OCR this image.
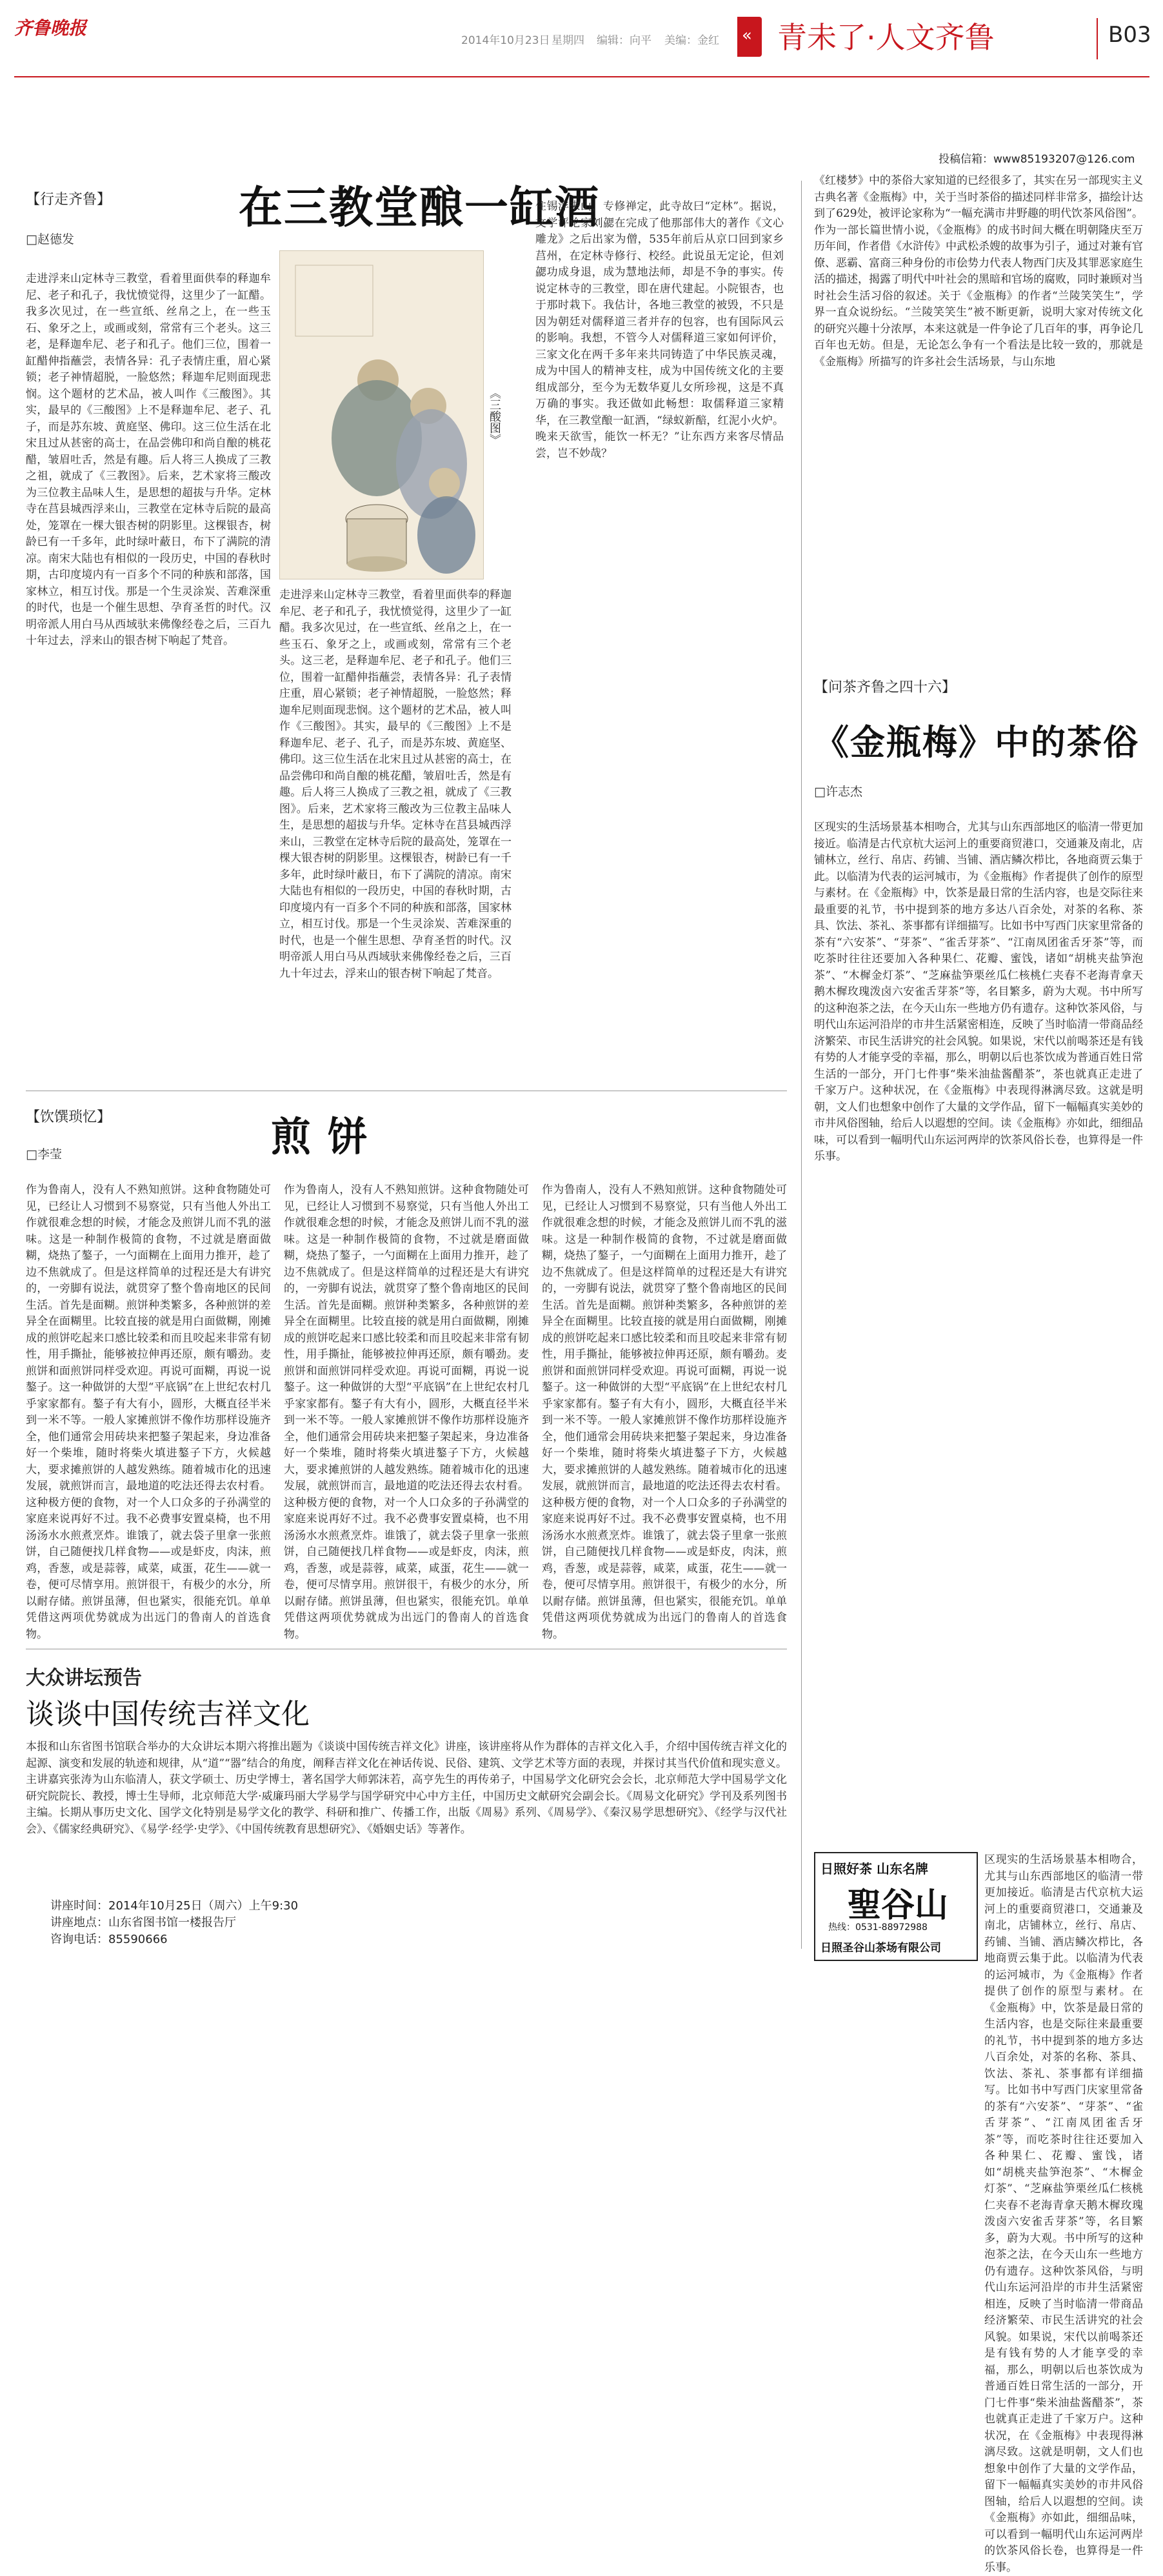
齐鲁晚报
2014年10月23日 星期四 编辑：向平 美编：金红 « 青未了·人文齐鲁	B03
投稿信箱：www85193207@126.com
【行走齐鲁】
□赵德发
在三教堂酿一缸酒
《三酸图》
走进浮来山定林寺三教堂，看着里面供奉的释迦牟尼、老子和孔子，我忧愤觉得，这里少了一缸醋。我多次见过，在一些宣纸、丝帛之上，在一些玉石、象牙之上，或画或刻，常常有三个老头。这三老，是释迦牟尼、老子和孔子。他们三位，围着一缸醋伸指蘸尝，表情各异：孔子表情庄重，眉心紧锁；老子神情超脱，一脸悠然；释迦牟尼则面现悲悯。这个题材的艺术品，被人叫作《三酸图》。其实，最早的《三酸图》上不是释迦牟尼、老子、孔子，而是苏东坡、黄庭坚、佛印。这三位生活在北宋且过从甚密的高士，在品尝佛印和尚自酿的桃花醋，皱眉吐舌，然是有趣。后人将三人换成了三教之祖，就成了《三教图》。后来，艺术家将三酸改为三位教主品味人生，是思想的超拔与升华。定林寺在莒县城西浮来山，三教堂在定林寺后院的最高处，笼罩在一棵大银杏树的阴影里。这棵银杏，树龄已有一千多年，此时绿叶蔽日，布下了满院的清凉。南宋大陆也有相似的一段历史，中国的春秋时期，古印度境内有一百多个不同的种族和部落，国家林立，相互讨伐。那是一个生灵涂炭、苦难深重的时代，也是一个催生思想、孕育圣哲的时代。汉明帝派人用白马从西域驮来佛像经卷之后，三百九十年过去，浮来山的银杏树下响起了梵音。
走进浮来山定林寺三教堂，看着里面供奉的释迦牟尼、老子和孔子，我忧愤觉得，这里少了一缸醋。我多次见过，在一些宣纸、丝帛之上，在一些玉石、象牙之上，或画或刻，常常有三个老头。这三老，是释迦牟尼、老子和孔子。他们三位，围着一缸醋伸指蘸尝，表情各异：孔子表情庄重，眉心紧锁；老子神情超脱，一脸悠然；释迦牟尼则面现悲悯。这个题材的艺术品，被人叫作《三酸图》。其实，最早的《三酸图》上不是释迦牟尼、老子、孔子，而是苏东坡、黄庭坚、佛印。这三位生活在北宋且过从甚密的高士，在品尝佛印和尚自酿的桃花醋，皱眉吐舌，然是有趣。后人将三人换成了三教之祖，就成了《三教图》。后来，艺术家将三酸改为三位教主品味人生，是思想的超拔与升华。定林寺在莒县城西浮来山，三教堂在定林寺后院的最高处，笼罩在一棵大银杏树的阴影里。这棵银杏，树龄已有一千多年，此时绿叶蔽日，布下了满院的清凉。南宋大陆也有相似的一段历史，中国的春秋时期，古印度境内有一百多个不同的种族和部落，国家林立，相互讨伐。那是一个生灵涂炭、苦难深重的时代，也是一个催生思想、孕育圣哲的时代。汉明帝派人用白马从西域驮来佛像经卷之后，三百九十年过去，浮来山的银杏树下响起了梵音。
住锡浮来山，专修禅定，此寺故曰“定林”。据说，文学评论家刘勰在完成了他那部伟大的著作《文心雕龙》之后出家为僧，535年前后从京口回到家乡莒州，在定林寺修行、校经。此说虽无定论，但刘勰功成身退，成为慧地法师，却是不争的事实。传说定林寺的三教堂，即在唐代建起。小院银杏，也于那时栽下。我估计，各地三教堂的被毁，不只是因为朝廷对儒释道三者并存的包容，也有国际风云的影响。我想，不管今人对儒释道三家如何评价，三家文化在两千多年来共同铸造了中华民族灵魂，成为中国人的精神支柱，成为中国传统文化的主要组成部分，至今为无数华夏儿女所珍视，这是不真万确的事实。我还做如此畅想：取儒释道三家精华，在三教堂酿一缸酒，“绿蚁新醅，红泥小火炉。晚来天欲雪，能饮一杯无？”让东西方来客尽情品尝，岂不妙哉？
【饮馔琐忆】
□李莹	煎 饼
作为鲁南人，没有人不熟知煎饼。这种食物随处可见，已经让人习惯到不易察觉，只有当他人外出工作就很难念想的时候，才能念及煎饼儿而不乳的滋味。这是一种制作极简的食物，不过就是磨面做糊，烧热了鏊子，一勺面糊在上面用力推开，趁了边不焦就成了。但是这样简单的过程还是大有讲究的，一旁脚有说法，就贯穿了整个鲁南地区的民间生活。首先是面糊。煎饼种类繁多，各种煎饼的差异全在面糊里。比较直接的就是用白面做糊，刚摊成的煎饼吃起来口感比较柔和而且咬起来非常有韧性，用手撕扯，能够被拉伸再还原，颇有嚼劲。麦煎饼和面煎饼同样受欢迎。再说可面糊，再说一说鏊子。这一种做饼的大型“平底锅”在上世纪农村几乎家家都有。鏊子有大有小，圆形，大概直径半米到一米不等。一般人家摊煎饼不像作坊那样设施齐全，他们通常会用砖块来把鏊子架起来，身边准备好一个柴堆，随时将柴火填进鏊子下方，火候越大，要求摊煎饼的人越发熟练。随着城市化的迅速发展，就煎饼而言，最地道的吃法还得去农村看。这种极方便的食物，对一个人口众多的子孙满堂的家庭来说再好不过。我不必费事安置桌椅，也不用汤汤水水煎煮烹炸。谁饿了，就去袋子里拿一张煎饼，自己随便找几样食物——或是虾皮，肉沫，煎鸡，香葱，或是蒜蓉，咸菜，咸蛋，花生——就一卷，便可尽情享用。煎饼很干，有极少的水分，所以耐存储。煎饼虽薄，但也紧实，很能充饥。单单凭借这两项优势就成为出远门的鲁南人的首选食物。
作为鲁南人，没有人不熟知煎饼。这种食物随处可见，已经让人习惯到不易察觉，只有当他人外出工作就很难念想的时候，才能念及煎饼儿而不乳的滋味。这是一种制作极简的食物，不过就是磨面做糊，烧热了鏊子，一勺面糊在上面用力推开，趁了边不焦就成了。但是这样简单的过程还是大有讲究的，一旁脚有说法，就贯穿了整个鲁南地区的民间生活。首先是面糊。煎饼种类繁多，各种煎饼的差异全在面糊里。比较直接的就是用白面做糊，刚摊成的煎饼吃起来口感比较柔和而且咬起来非常有韧性，用手撕扯，能够被拉伸再还原，颇有嚼劲。麦煎饼和面煎饼同样受欢迎。再说可面糊，再说一说鏊子。这一种做饼的大型“平底锅”在上世纪农村几乎家家都有。鏊子有大有小，圆形，大概直径半米到一米不等。一般人家摊煎饼不像作坊那样设施齐全，他们通常会用砖块来把鏊子架起来，身边准备好一个柴堆，随时将柴火填进鏊子下方，火候越大，要求摊煎饼的人越发熟练。随着城市化的迅速发展，就煎饼而言，最地道的吃法还得去农村看。这种极方便的食物，对一个人口众多的子孙满堂的家庭来说再好不过。我不必费事安置桌椅，也不用汤汤水水煎煮烹炸。谁饿了，就去袋子里拿一张煎饼，自己随便找几样食物——或是虾皮，肉沫，煎鸡，香葱，或是蒜蓉，咸菜，咸蛋，花生——就一卷，便可尽情享用。煎饼很干，有极少的水分，所以耐存储。煎饼虽薄，但也紧实，很能充饥。单单凭借这两项优势就成为出远门的鲁南人的首选食物。
作为鲁南人，没有人不熟知煎饼。这种食物随处可见，已经让人习惯到不易察觉，只有当他人外出工作就很难念想的时候，才能念及煎饼儿而不乳的滋味。这是一种制作极简的食物，不过就是磨面做糊，烧热了鏊子，一勺面糊在上面用力推开，趁了边不焦就成了。但是这样简单的过程还是大有讲究的，一旁脚有说法，就贯穿了整个鲁南地区的民间生活。首先是面糊。煎饼种类繁多，各种煎饼的差异全在面糊里。比较直接的就是用白面做糊，刚摊成的煎饼吃起来口感比较柔和而且咬起来非常有韧性，用手撕扯，能够被拉伸再还原，颇有嚼劲。麦煎饼和面煎饼同样受欢迎。再说可面糊，再说一说鏊子。这一种做饼的大型“平底锅”在上世纪农村几乎家家都有。鏊子有大有小，圆形，大概直径半米到一米不等。一般人家摊煎饼不像作坊那样设施齐全，他们通常会用砖块来把鏊子架起来，身边准备好一个柴堆，随时将柴火填进鏊子下方，火候越大，要求摊煎饼的人越发熟练。随着城市化的迅速发展，就煎饼而言，最地道的吃法还得去农村看。这种极方便的食物，对一个人口众多的子孙满堂的家庭来说再好不过。我不必费事安置桌椅，也不用汤汤水水煎煮烹炸。谁饿了，就去袋子里拿一张煎饼，自己随便找几样食物——或是虾皮，肉沫，煎鸡，香葱，或是蒜蓉，咸菜，咸蛋，花生——就一卷，便可尽情享用。煎饼很干，有极少的水分，所以耐存储。煎饼虽薄，但也紧实，很能充饥。单单凭借这两项优势就成为出远门的鲁南人的首选食物。
大众讲坛预告
谈谈中国传统吉祥文化
本报和山东省图书馆联合举办的大众讲坛本期六将推出题为《谈谈中国传统吉祥文化》讲座，该讲座将从作为群体的吉祥文化入手，介绍中国传统吉祥文化的起源、演变和发展的轨迹和规律，从“道”“器”结合的角度，阐释吉祥文化在神话传说、民俗、建筑、文学艺术等方面的表现，并探讨其当代价值和现实意义。主讲嘉宾张涛为山东临清人，获文学硕士、历史学博士，著名国学大师郭沫若，高亨先生的再传弟子，中国易学文化研究会会长，北京师范大学中国易学文化研究院院长、教授，博士生导师，北京师范大学·威廉玛丽大学易学与国学研究中心中方主任，中国历史文献研究会副会长。《周易文化研究》学刊及系列图书主编。长期从事历史文化、国学文化特别是易学文化的教学、科研和推广、传播工作，出版《周易》系列、《周易学》、《秦汉易学思想研究》、《经学与汉代社会》、《儒家经典研究》、《易学·经学·史学》、《中国传统教育思想研究》、《婚姻史话》等著作。
讲座时间：2014年10月25日（周六）上午9:30
讲座地点：山东省图书馆一楼报告厅
咨询电话：85590666
《红楼梦》中的茶俗大家知道的已经很多了，其实在另一部现实主义古典名著《金瓶梅》中，关于当时茶俗的描述同样非常多，描绘计达到了629处，被评论家称为“一幅充满市井野趣的明代饮茶风俗图”。作为一部长篇世情小说，《金瓶梅》的成书时间大概在明朝隆庆至万历年间，作者借《水浒传》中武松杀嫂的故事为引子，通过对兼有官僚、恶霸、富商三种身份的市侩势力代表人物西门庆及其罪恶家庭生活的描述，揭露了明代中叶社会的黑暗和官场的腐败，同时兼顾对当时社会生活习俗的叙述。关于《金瓶梅》的作者“兰陵笑笑生”，学界一直众说纷纭。“兰陵笑笑生”被不断更新，说明大家对传统文化的研究兴趣十分浓厚，本来这就是一件争论了几百年的事，再争论几百年也无妨。但是，无论怎么争有一个看法是比较一致的，那就是《金瓶梅》所描写的许多社会生活场景，与山东地
【问茶齐鲁之四十六】
《金瓶梅》中的茶俗
□许志杰
区现实的生活场景基本相吻合，尤其与山东西部地区的临清一带更加接近。临清是古代京杭大运河上的重要商贸港口，交通兼及南北，店铺林立，丝行、帛店、药铺、当铺、酒店鳞次栉比，各地商贾云集于此。以临清为代表的运河城市，为《金瓶梅》作者提供了创作的原型与素材。在《金瓶梅》中，饮茶是最日常的生活内容，也是交际往来最重要的礼节，书中提到茶的地方多达八百余处，对茶的名称、茶具、饮法、茶礼、茶事都有详细描写。比如书中写西门庆家里常备的茶有“六安茶”、“芽茶”、“雀舌芽茶”、“江南凤团雀舌牙茶”等，而吃茶时往往还要加入各种果仁、花瓣、蜜饯，诸如“胡桃夹盐笋泡茶”、“木樨金灯茶”、“芝麻盐笋栗丝瓜仁核桃仁夹春不老海青拿天鹅木樨玫瑰泼卤六安雀舌芽茶”等，名目繁多，蔚为大观。书中所写的这种泡茶之法，在今天山东一些地方仍有遗存。这种饮茶风俗，与明代山东运河沿岸的市井生活紧密相连，反映了当时临清一带商品经济繁荣、市民生活讲究的社会风貌。如果说，宋代以前喝茶还是有钱有势的人才能享受的幸福，那么，明朝以后也茶饮成为普通百姓日常生活的一部分，开门七件事“柴米油盐酱醋茶”，茶也就真正走进了千家万户。这种状况，在《金瓶梅》中表现得淋漓尽致。这就是明朝，文人们也想象中创作了大量的文学作品，留下一幅幅真实美妙的市井风俗图轴，给后人以遐想的空间。读《金瓶梅》亦如此，细细品味，可以看到一幅明代山东运河两岸的饮茶风俗长卷，也算得是一件乐事。
日照好茶 山东名牌
聖谷山
热线：0531-88972988
日照圣谷山茶场有限公司
区现实的生活场景基本相吻合，尤其与山东西部地区的临清一带更加接近。临清是古代京杭大运河上的重要商贸港口，交通兼及南北，店铺林立，丝行、帛店、药铺、当铺、酒店鳞次栉比，各地商贾云集于此。以临清为代表的运河城市，为《金瓶梅》作者提供了创作的原型与素材。在《金瓶梅》中，饮茶是最日常的生活内容，也是交际往来最重要的礼节，书中提到茶的地方多达八百余处，对茶的名称、茶具、饮法、茶礼、茶事都有详细描写。比如书中写西门庆家里常备的茶有“六安茶”、“芽茶”、“雀舌芽茶”、“江南凤团雀舌牙茶”等，而吃茶时往往还要加入各种果仁、花瓣、蜜饯，诸如“胡桃夹盐笋泡茶”、“木樨金灯茶”、“芝麻盐笋栗丝瓜仁核桃仁夹春不老海青拿天鹅木樨玫瑰泼卤六安雀舌芽茶”等，名目繁多，蔚为大观。书中所写的这种泡茶之法，在今天山东一些地方仍有遗存。这种饮茶风俗，与明代山东运河沿岸的市井生活紧密相连，反映了当时临清一带商品经济繁荣、市民生活讲究的社会风貌。如果说，宋代以前喝茶还是有钱有势的人才能享受的幸福，那么，明朝以后也茶饮成为普通百姓日常生活的一部分，开门七件事“柴米油盐酱醋茶”，茶也就真正走进了千家万户。这种状况，在《金瓶梅》中表现得淋漓尽致。这就是明朝，文人们也想象中创作了大量的文学作品，留下一幅幅真实美妙的市井风俗图轴，给后人以遐想的空间。读《金瓶梅》亦如此，细细品味，可以看到一幅明代山东运河两岸的饮茶风俗长卷，也算得是一件乐事。
